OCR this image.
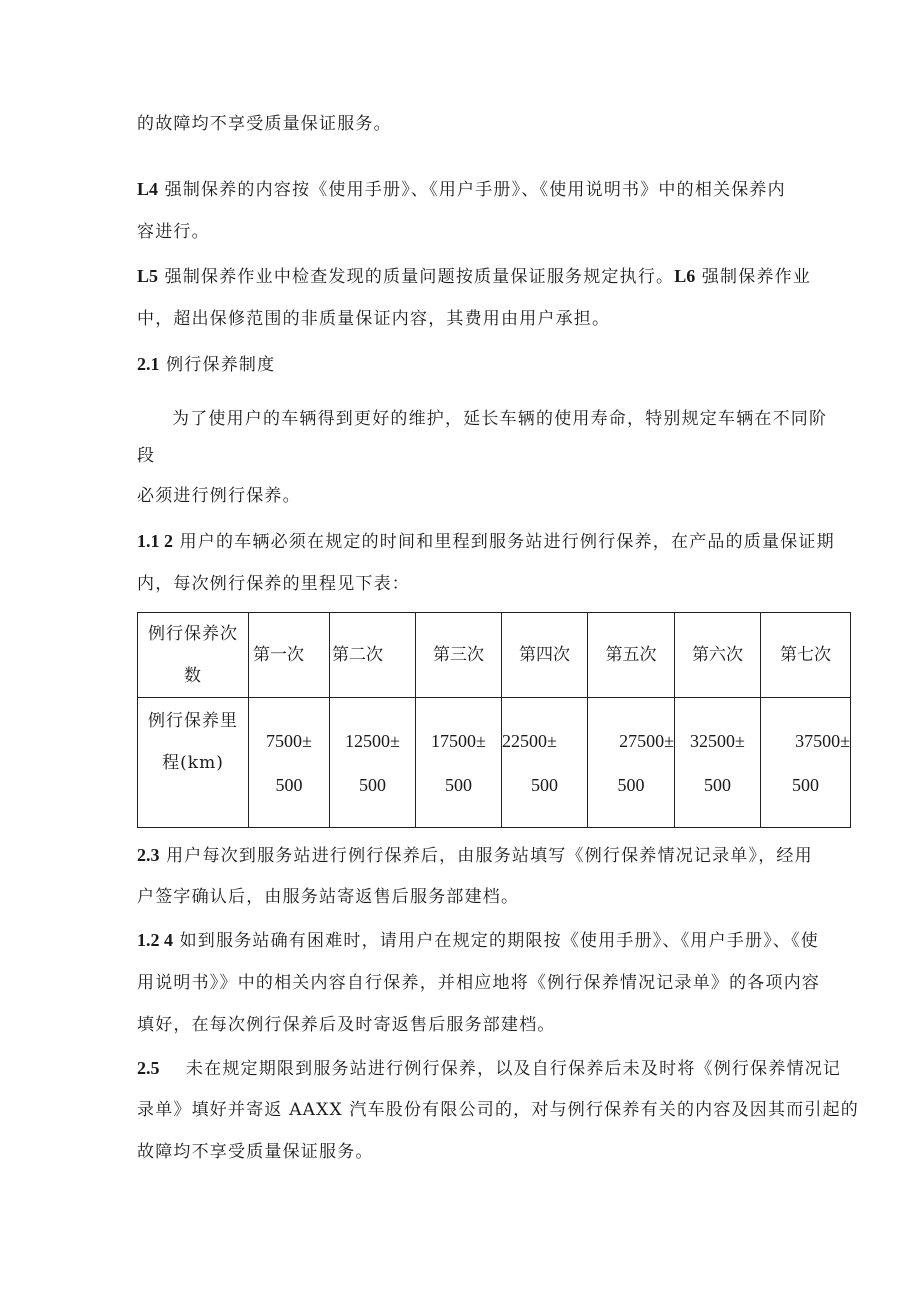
的故障均不享受质量保证服务。
L4 强制保养的内容按《使用手册》、《用户手册》、《使用说明书》中的相关保养内
容进行。
L5 强制保养作业中检查发现的质量问题按质量保证服务规定执行。L6 强制保养作业
中，超出保修范围的非质量保证内容，其费用由用户承担。
2.1 例行保养制度
为了使用户的车辆得到更好的维护，延长车辆的使用寿命，特别规定车辆在不同阶
段
必须进行例行保养。
1.1 2 用户的车辆必须在规定的时间和里程到服务站进行例行保养，在产品的质量保证期
内，每次例行保养的里程见下表：
例行保养次
数	第一次	第二次	第三次	第四次	第五次	第六次	第七次

例行保养里
程(km)	7500±
500	12500±
500	17500±
500	22500±
500	27500±
500	32500±
500	37500±
500
2.3 用户每次到服务站进行例行保养后，由服务站填写《例行保养情况记录单》，经用
户签字确认后，由服务站寄返售后服务部建档。
1.2 4 如到服务站确有困难时，请用户在规定的期限按《使用手册》、《用户手册》、《使
用说明书》》中的相关内容自行保养，并相应地将《例行保养情况记录单》的各项内容
填好，在每次例行保养后及时寄返售后服务部建档。
2.5 未在规定期限到服务站进行例行保养，以及自行保养后未及时将《例行保养情况记
录单》填好并寄返 AAXX 汽车股份有限公司的，对与例行保养有关的内容及因其而引起的
故障均不享受质量保证服务。
